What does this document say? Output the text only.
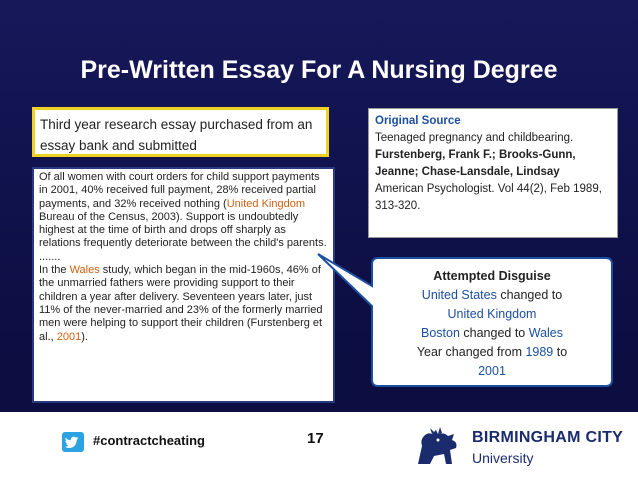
Pre-Written Essay For A Nursing Degree
Third year research essay purchased from an essay bank and submitted

Of all women with court orders for child support payments in 2001, 40% received full payment, 28% received partial payments, and 32% received nothing (United Kingdom Bureau of the Census, 2003). Support is undoubtedly highest at the time of birth and drops off sharply as relations frequently deteriorate between the child's parents.

.......

In the Wales study, which began in the mid-1960s, 46% of the unmarried fathers were providing support to their children a year after delivery. Seventeen years later, just 11% of the never-married and 23% of the formerly married men were helping to support their children (Furstenberg et al., 2001).

Original Source
Teenaged pregnancy and childbearing.
Furstenberg, Frank F.; Brooks-Gunn, Jeanne; Chase-Lansdale, Lindsay
American Psychologist. Vol 44(2), Feb 1989, 313-320.
Attempted Disguise
United States changed to
United Kingdom
Boston changed to Wales
Year changed from 1989 to
2001
#contractcheating	17	BIRMINGHAM CITY
University
